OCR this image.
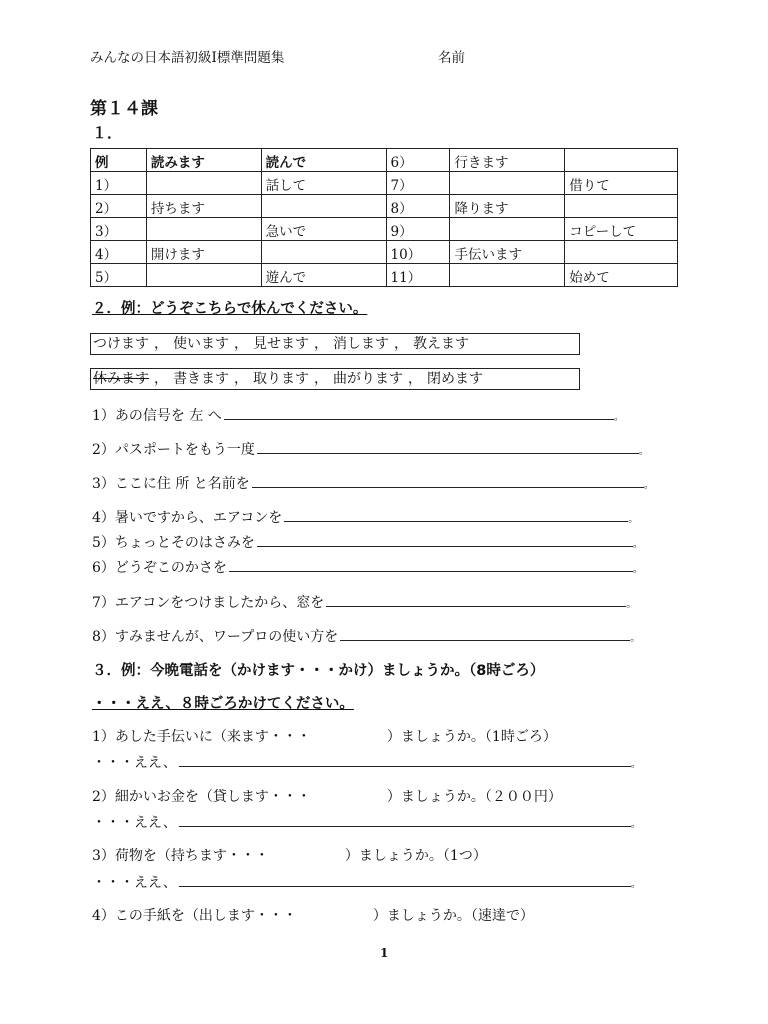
みんなの日本語初級Ⅰ標準問題集	名前
第１４課
１．
例	読みます	読んで	6）	行きます	
1）		話して	7）		借りて
2）	持ちます		8）	降ります	
3）		急いで	9）		コピーして
4）	開けます		10）	手伝います	
5）		遊んで	11）		始めて
２．例：どうぞこちらで休んでください。
つけます ， 使います ， 見せます ， 消します ， 教えます
休みます ， 書きます ， 取ります ， 曲がります ， 閉めます
1）あの信号を 左 へ	。
2）パスポートをもう一度	。
3）ここに住 所 と名前を	。
4）暑いですから、エアコンを	。
5）ちょっとそのはさみを	。
6）どうぞこのかさを	。
7）エアコンをつけましたから、窓を	。
8）すみませんが、ワープロの使い方を	。
３．例：今晩電話を（かけます・・・かけ）ましょうか。（8時ごろ）
・・・ええ、８時ごろかけてください。
1）あした手伝いに（来ます・・・	）ましょうか。（1時ごろ）
・・・ええ、	。
2）細かいお金を（貸します・・・	）ましょうか。（２００円）
・・・ええ、	。
3）荷物を（持ちます・・・	）ましょうか。（1つ）
・・・ええ、	。
4）この手紙を（出します・・・	）ましょうか。（速達で）
1
